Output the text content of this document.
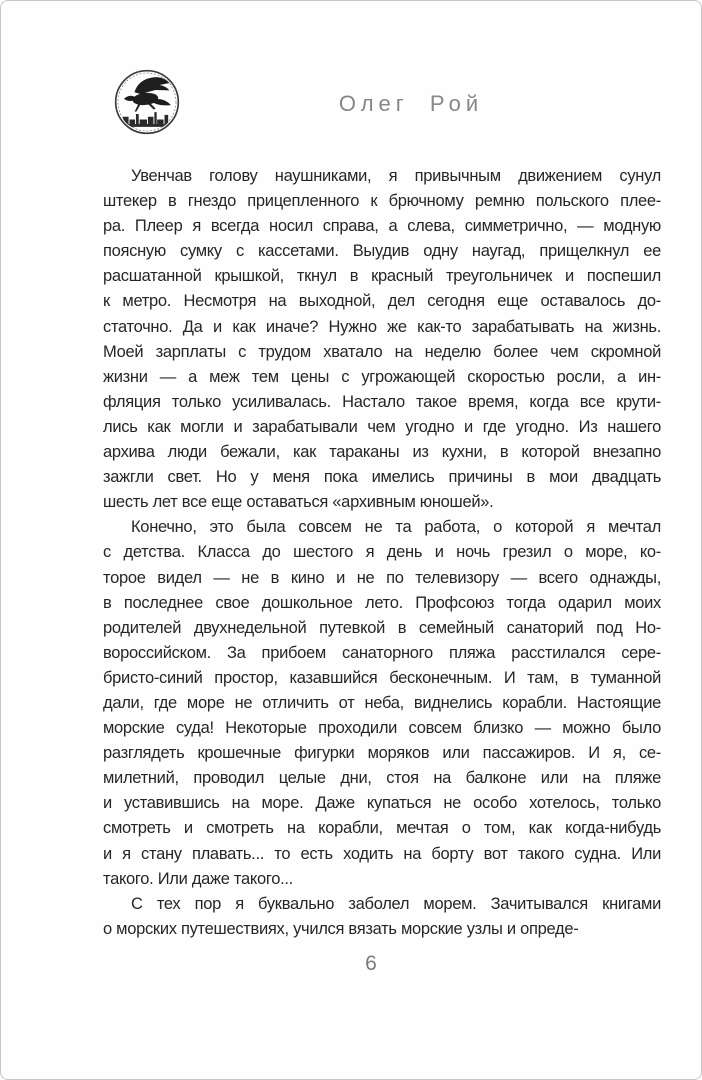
Олег Рой
Увенчав голову наушниками, я привычным движением сунул
штекер в гнездо прицепленного к брючному ремню польского плее-
ра. Плеер я всегда носил справа, а слева, симметрично, — модную
поясную сумку с кассетами. Выудив одну наугад, прищелкнул ее
расшатанной крышкой, ткнул в красный треугольничек и поспешил
к метро. Несмотря на выходной, дел сегодня еще оставалось до-
статочно. Да и как иначе? Нужно же как-то зарабатывать на жизнь.
Моей зарплаты с трудом хватало на неделю более чем скромной
жизни — а меж тем цены с угрожающей скоростью росли, а ин-
фляция только усиливалась. Настало такое время, когда все крути-
лись как могли и зарабатывали чем угодно и где угодно. Из нашего
архива люди бежали, как тараканы из кухни, в которой внезапно
зажгли свет. Но у меня пока имелись причины в мои двадцать
шесть лет все еще оставаться «архивным юношей».
Конечно, это была совсем не та работа, о которой я мечтал
с детства. Класса до шестого я день и ночь грезил о море, ко-
торое видел — не в кино и не по телевизору — всего однажды,
в последнее свое дошкольное лето. Профсоюз тогда одарил моих
родителей двухнедельной путевкой в семейный санаторий под Но-
вороссийском. За прибоем санаторного пляжа расстилался сере-
бристо-синий простор, казавшийся бесконечным. И там, в туманной
дали, где море не отличить от неба, виднелись корабли. Настоящие
морские суда! Некоторые проходили совсем близко — можно было
разглядеть крошечные фигурки моряков или пассажиров. И я, се-
милетний, проводил целые дни, стоя на балконе или на пляже
и уставившись на море. Даже купаться не особо хотелось, только
смотреть и смотреть на корабли, мечтая о том, как когда-нибудь
и я стану плавать... то есть ходить на борту вот такого судна. Или
такого. Или даже такого...
С тех пор я буквально заболел морем. Зачитывался книгами
о морских путешествиях, учился вязать морские узлы и опреде-
6
